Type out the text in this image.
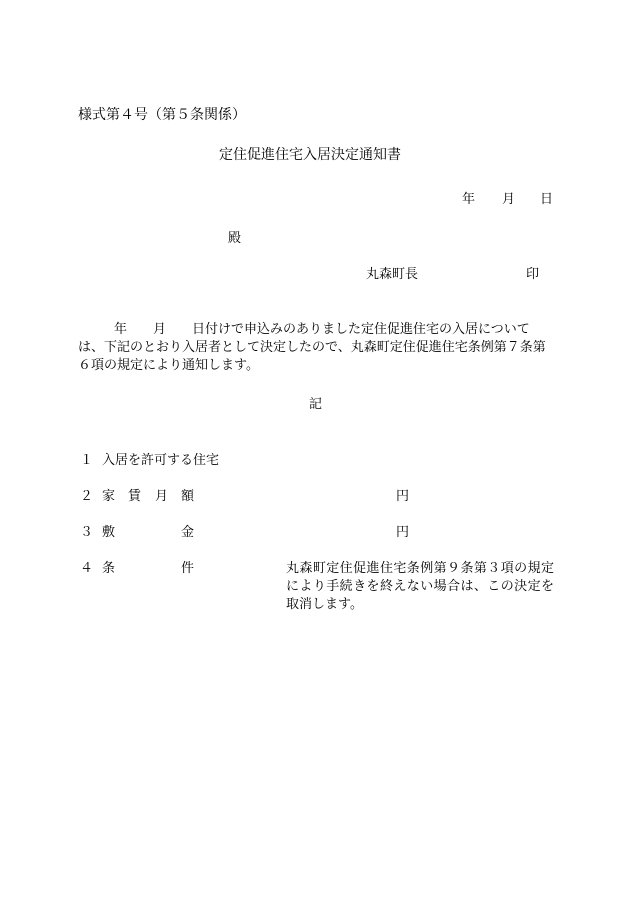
様式第４号（第５条関係）
定住促進住宅入居決定通知書
年 月 日
殿
丸森町長	印
年 月 日付けで申込みのありました定住促進住宅の入居については、下記のとおり入居者として決定したので、丸森町定住促進住宅条例第７条第６項の規定により通知します。
記
１ 入居を許可する住宅
２ 家 賃 月 額	円
３ 敷	金	円
４ 条	件	丸森町定住促進住宅条例第９条第３項の規定により手続きを終えない場合は、この決定を取消します。
